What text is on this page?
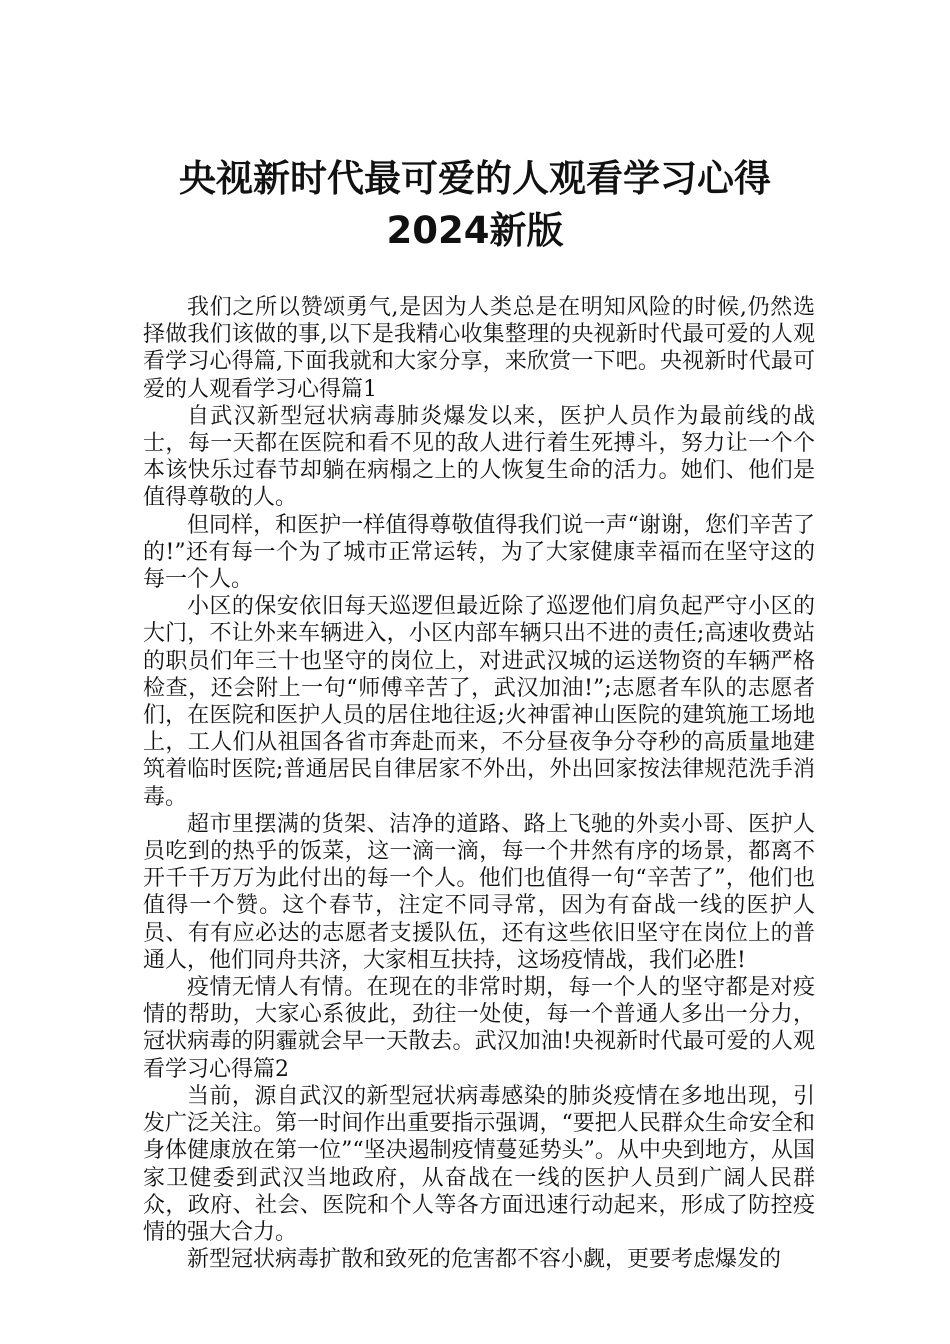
央视新时代最可爱的人观看学习心得
2024新版

我们之所以赞颂勇气,是因为人类总是在明知风险的时候,仍然选择做我们该做的事,以下是我精心收集整理的央视新时代最可爱的人观看学习心得篇,下面我就和大家分享，来欣赏一下吧。央视新时代最可爱的人观看学习心得篇1

自武汉新型冠状病毒肺炎爆发以来，医护人员作为最前线的战士，每一天都在医院和看不见的敌人进行着生死搏斗，努力让一个个本该快乐过春节却躺在病榻之上的人恢复生命的活力。她们、他们是值得尊敬的人。

但同样，和医护一样值得尊敬值得我们说一声“谢谢，您们辛苦了的!”还有每一个为了城市正常运转，为了大家健康幸福而在坚守这的每一个人。

小区的保安依旧每天巡逻但最近除了巡逻他们肩负起严守小区的大门，不让外来车辆进入，小区内部车辆只出不进的责任;高速收费站的职员们年三十也坚守的岗位上，对进武汉城的运送物资的车辆严格检查，还会附上一句“师傅辛苦了，武汉加油!”;志愿者车队的志愿者们，在医院和医护人员的居住地往返;火神雷神山医院的建筑施工场地上，工人们从祖国各省市奔赴而来，不分昼夜争分夺秒的高质量地建筑着临时医院;普通居民自律居家不外出，外出回家按法律规范洗手消毒。

超市里摆满的货架、洁净的道路、路上飞驰的外卖小哥、医护人员吃到的热乎的饭菜，这一滴一滴，每一个井然有序的场景，都离不开千千万万为此付出的每一个人。他们也值得一句“辛苦了”，他们也值得一个赞。这个春节，注定不同寻常，因为有奋战一线的医护人员、有有应必达的志愿者支援队伍，还有这些依旧坚守在岗位上的普通人，他们同舟共济，大家相互扶持，这场疫情战，我们必胜!

疫情无情人有情。在现在的非常时期，每一个人的坚守都是对疫情的帮助，大家心系彼此，劲往一处使，每一个普通人多出一分力，冠状病毒的阴霾就会早一天散去。武汉加油!央视新时代最可爱的人观看学习心得篇2

当前，源自武汉的新型冠状病毒感染的肺炎疫情在多地出现，引发广泛关注。第一时间作出重要指示强调，“要把人民群众生命安全和身体健康放在第一位”“坚决遏制疫情蔓延势头”。从中央到地方，从国家卫健委到武汉当地政府，从奋战在一线的医护人员到广阔人民群众，政府、社会、医院和个人等各方面迅速行动起来，形成了防控疫情的强大合力。

新型冠状病毒扩散和致死的危害都不容小觑，更要考虑爆发的
